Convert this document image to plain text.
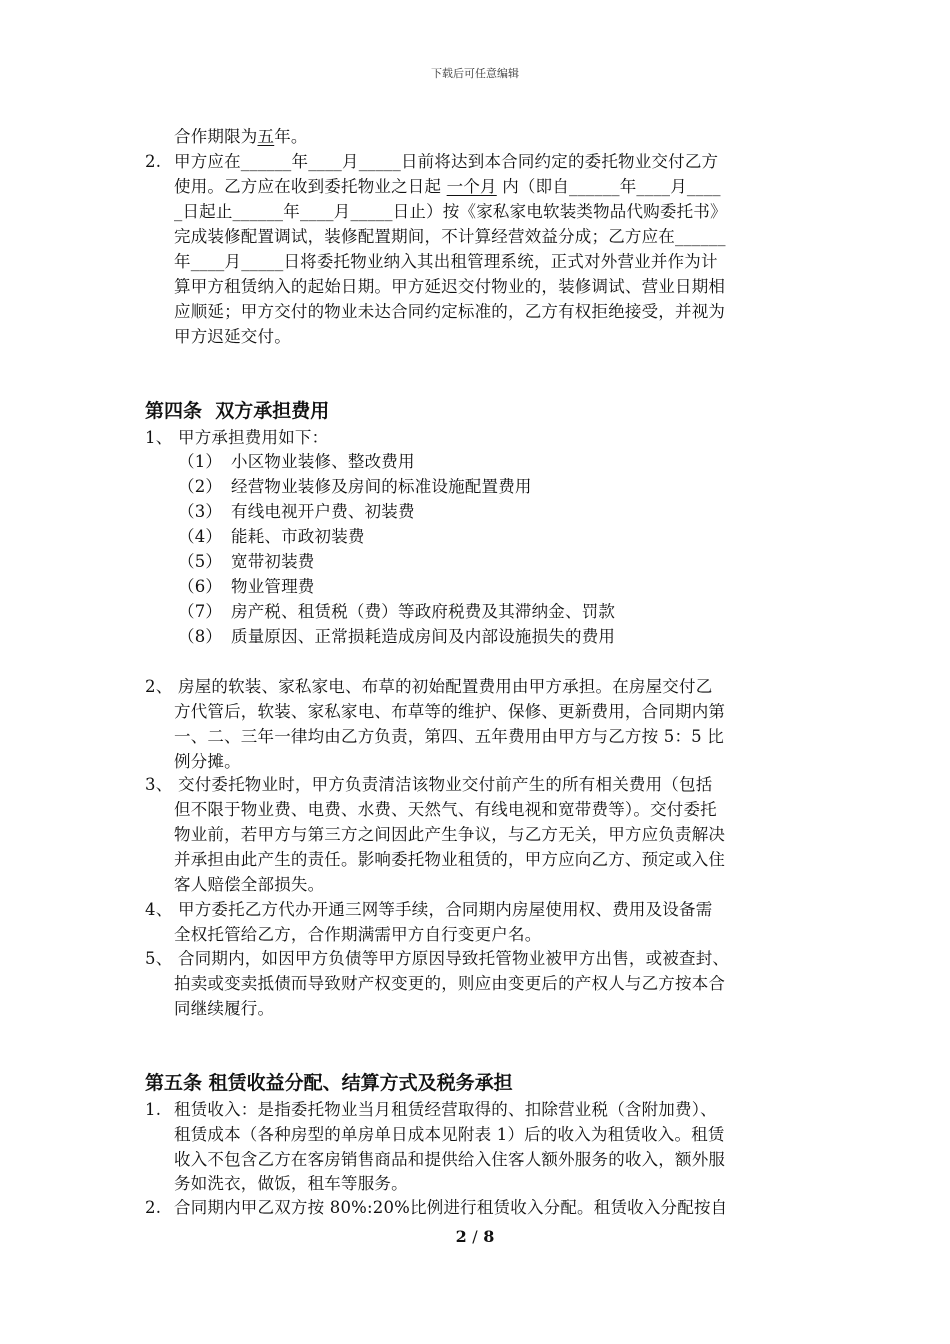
下载后可任意编辑
合作期限为五年。
2. 甲方应在______年____月_____日前将达到本合同约定的委托物业交付乙方
使用。乙方应在收到委托物业之日起 一个月 内（即自______年____月____
_日起止______年____月_____日止）按《家私家电软装类物品代购委托书》
完成装修配置调试，装修配置期间，不计算经营效益分成；乙方应在______
年____月_____日将委托物业纳入其出租管理系统，正式对外营业并作为计
算甲方租赁纳入的起始日期。甲方延迟交付物业的，装修调试、营业日期相
应顺延；甲方交付的物业未达合同约定标准的，乙方有权拒绝接受，并视为
甲方迟延交付。
第四条  双方承担费用
1、 甲方承担费用如下：
（1） 小区物业装修、整改费用
（2） 经营物业装修及房间的标准设施配置费用
（3） 有线电视开户费、初装费
（4） 能耗、市政初装费
（5） 宽带初装费
（6） 物业管理费
（7） 房产税、租赁税（费）等政府税费及其滞纳金、罚款
（8） 质量原因、正常损耗造成房间及内部设施损失的费用
2、 房屋的软装、家私家电、布草的初始配置费用由甲方承担。在房屋交付乙
方代管后，软装、家私家电、布草等的维护、保修、更新费用，合同期内第
一、二、三年一律均由乙方负责，第四、五年费用由甲方与乙方按 5：5 比
例分摊。
3、 交付委托物业时，甲方负责清洁该物业交付前产生的所有相关费用（包括
但不限于物业费、电费、水费、天然气、有线电视和宽带费等）。交付委托
物业前，若甲方与第三方之间因此产生争议，与乙方无关，甲方应负责解决
并承担由此产生的责任。影响委托物业租赁的，甲方应向乙方、预定或入住
客人赔偿全部损失。
4、 甲方委托乙方代办开通三网等手续，合同期内房屋使用权、费用及设备需
全权托管给乙方，合作期满需甲方自行变更户名。
5、 合同期内，如因甲方负债等甲方原因导致托管物业被甲方出售，或被查封、
拍卖或变卖抵债而导致财产权变更的，则应由变更后的产权人与乙方按本合
同继续履行。
第五条 租赁收益分配、结算方式及税务承担
1. 租赁收入：是指委托物业当月租赁经营取得的、扣除营业税（含附加费）、
租赁成本（各种房型的单房单日成本见附表 1）后的收入为租赁收入。租赁
收入不包含乙方在客房销售商品和提供给入住客人额外服务的收入，额外服
务如洗衣，做饭，租车等服务。
2. 合同期内甲乙双方按 80%:20%比例进行租赁收入分配。租赁收入分配按自
2 / 8
